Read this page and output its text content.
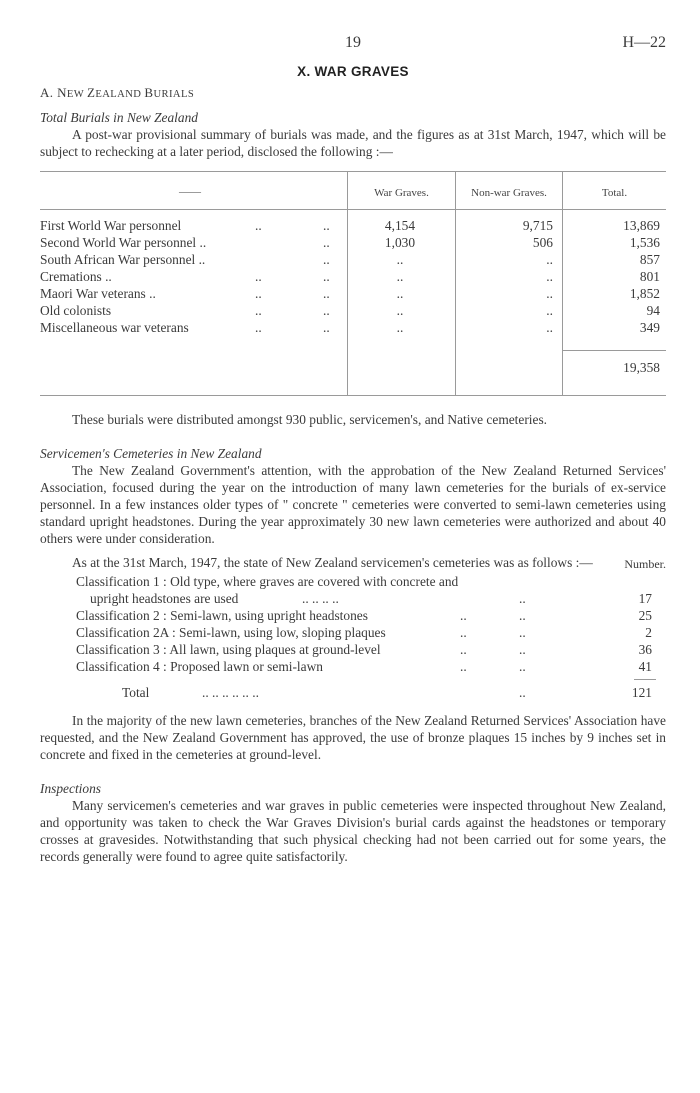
19	H—22
X. WAR GRAVES
A. NEW ZEALAND BURIALS
Total Burials in New Zealand

A post-war provisional summary of burials was made, and the figures as at 31st March, 1947, which will be subject to rechecking at a later period, disclosed the following :—

——	War Graves.	Non-war Graves.	Total.
First World War personnel	..	..	4,154	9,715	13,869
Second World War personnel ..	..	1,030	506	1,536
South African War personnel ..	..	..	..	857
Cremations ..	..	..	..	..	801
Maori War veterans ..	..	..	..	..	1,852
Old colonists	..	..	..	..	94
Miscellaneous war veterans	..	..	..	..	349
19,358

These burials were distributed amongst 930 public, servicemen's, and Native cemeteries.

Servicemen's Cemeteries in New Zealand

The New Zealand Government's attention, with the approbation of the New Zealand Returned Services' Association, focused during the year on the introduction of many lawn cemeteries for the burials of ex-service personnel. In a few instances older types of " concrete " cemeteries were converted to semi-lawn cemeteries using standard upright headstones. During the year approximately 30 new lawn cemeteries were authorized and about 40 others were under consideration.

As at the 31st March, 1947, the state of New Zealand servicemen's cemeteries was as follows :—	Number.
Classification 1 : Old type, where graves are covered with concrete and
upright headstones are used	.. .. .. ..	..	17
Classification 2 : Semi-lawn, using upright headstones	..	..	25
Classification 2A : Semi-lawn, using low, sloping plaques	..	..	2
Classification 3 : All lawn, using plaques at ground-level	..	..	36
Classification 4 : Proposed lawn or semi-lawn	..	..	41
Total	.. .. .. .. .. ..	..	121

In the majority of the new lawn cemeteries, branches of the New Zealand Returned Services' Association have requested, and the New Zealand Government has approved, the use of bronze plaques 15 inches by 9 inches set in concrete and fixed in the cemeteries at ground-level.

Inspections

Many servicemen's cemeteries and war graves in public cemeteries were inspected throughout New Zealand, and opportunity was taken to check the War Graves Division's burial cards against the headstones or temporary crosses at gravesides. Notwithstanding that such physical checking had not been carried out for some years, the records generally were found to agree quite satisfactorily.
